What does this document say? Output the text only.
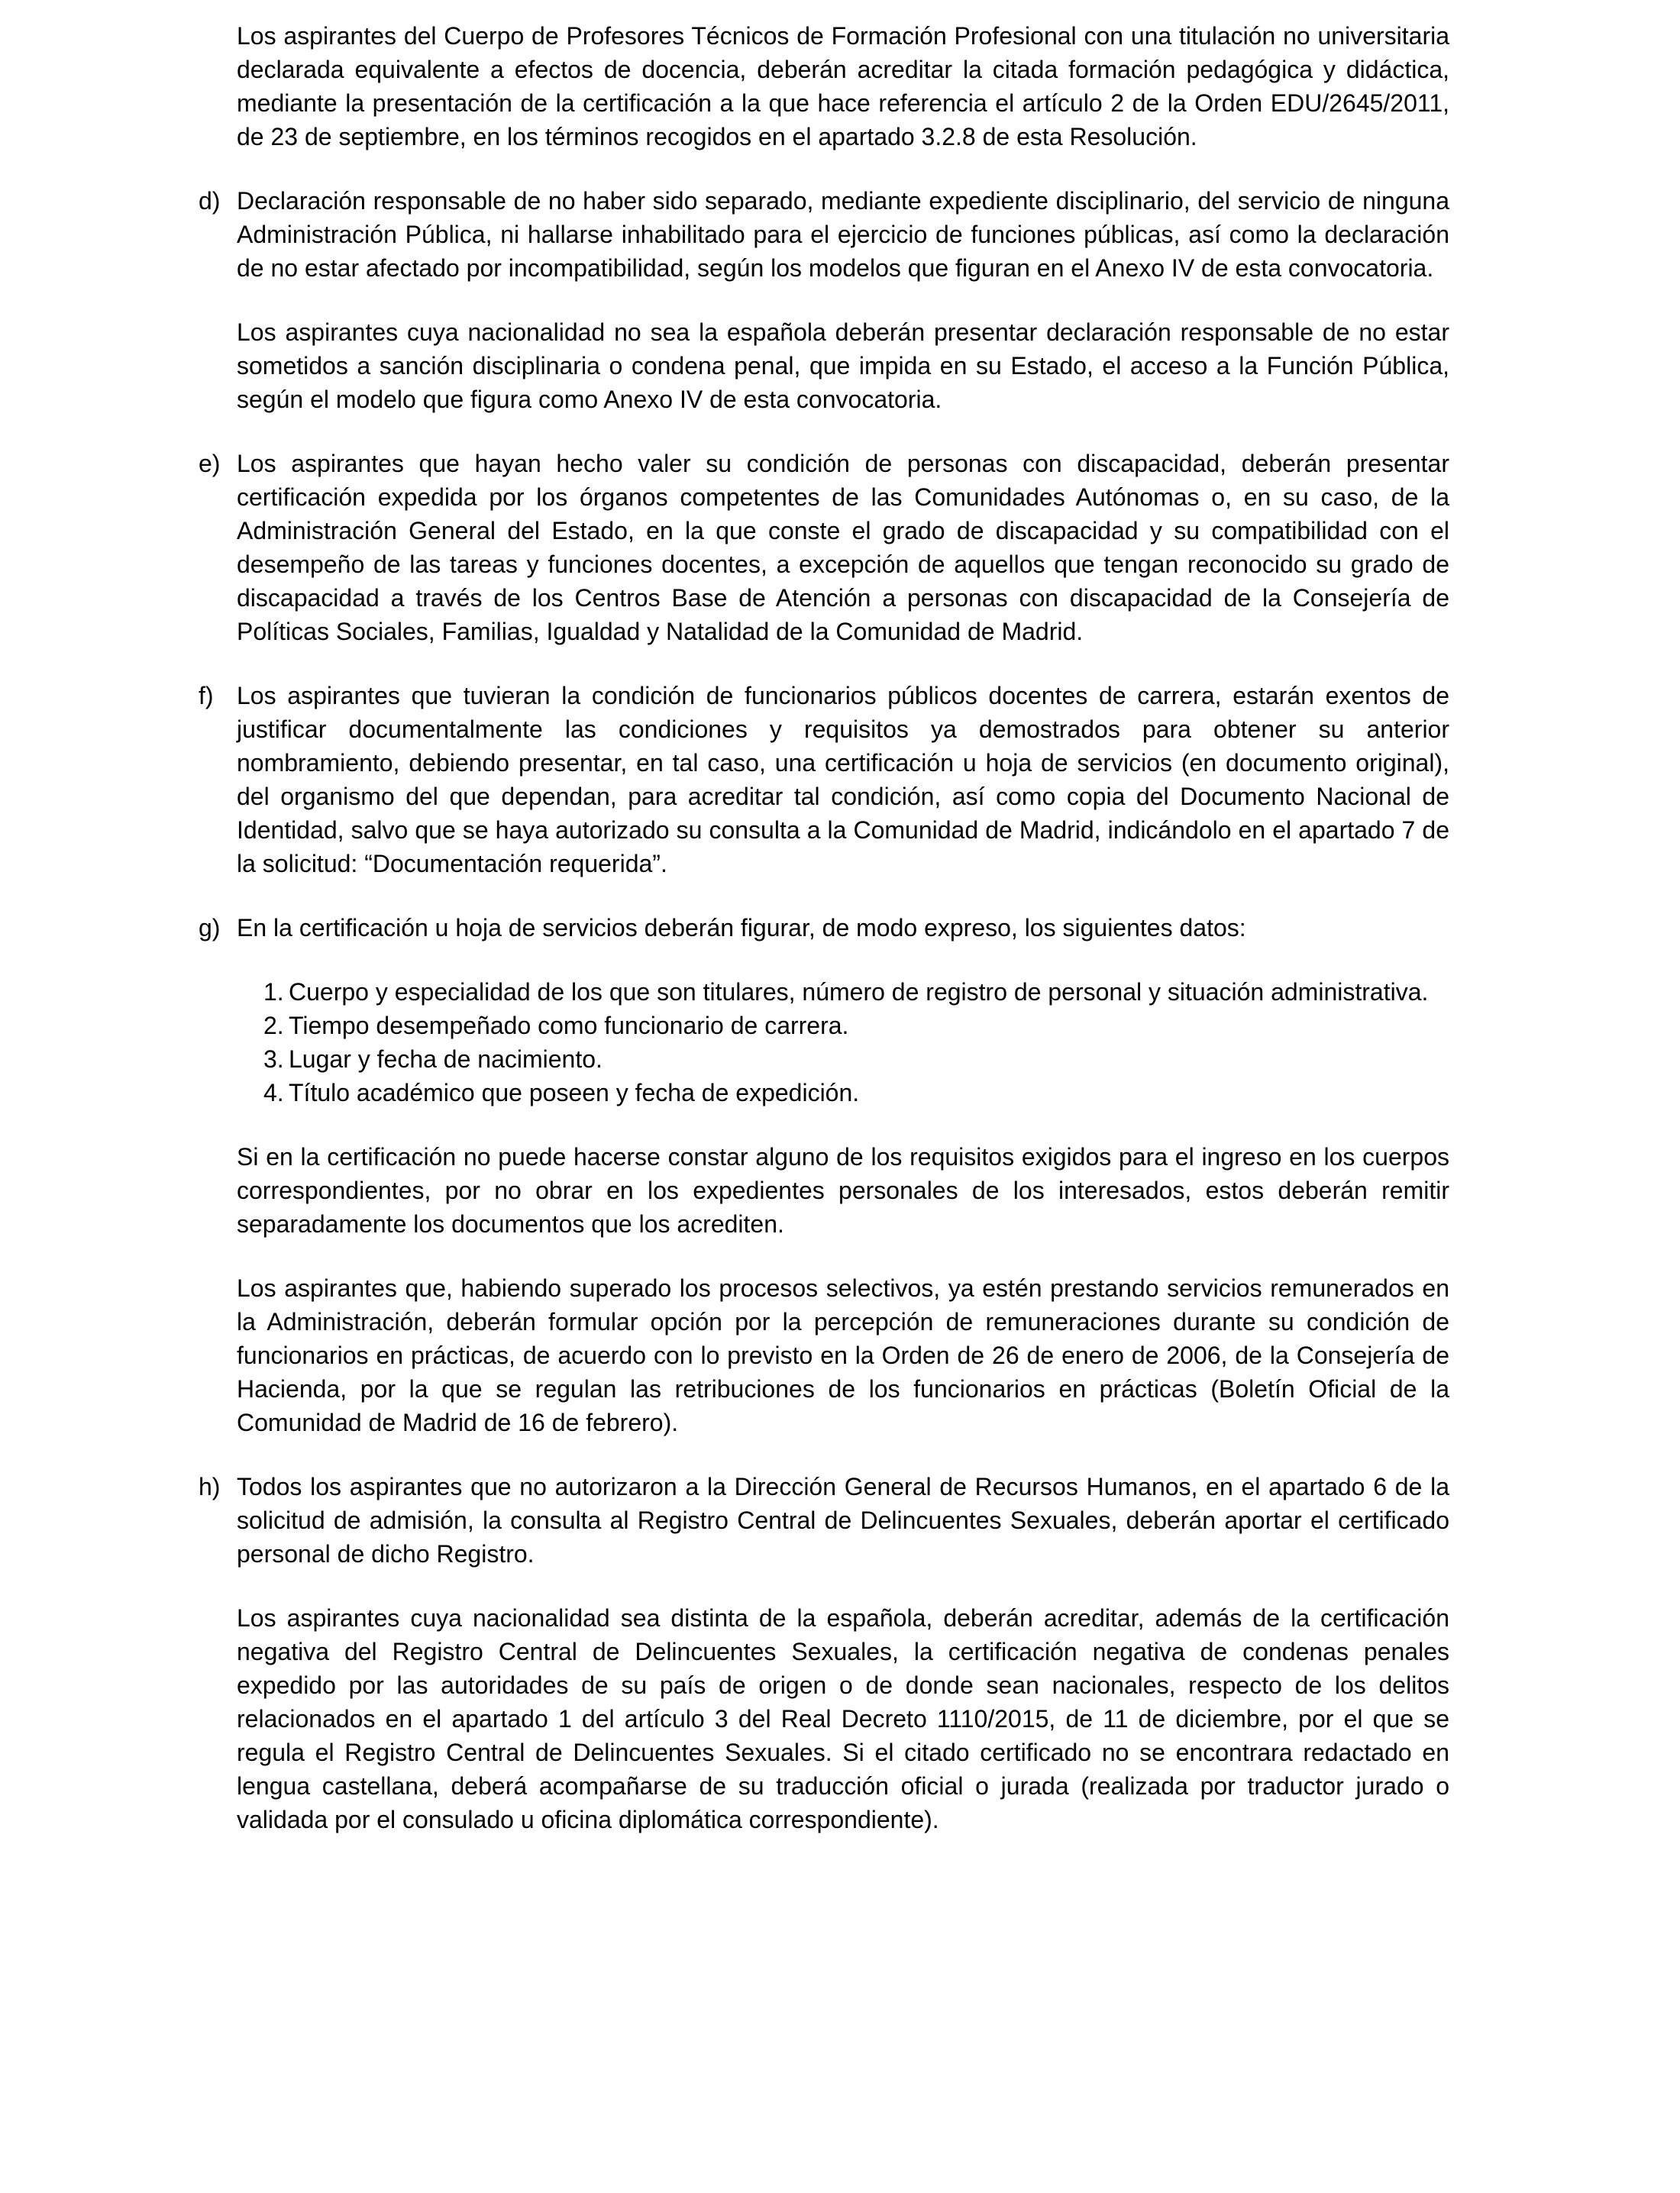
Los aspirantes del Cuerpo de Profesores Técnicos de Formación Profesional con una titulación no universitaria declarada equivalente a efectos de docencia, deberán acreditar la citada formación pedagógica y didáctica, mediante la presentación de la certificación a la que hace referencia el artículo 2 de la Orden EDU/2645/2011, de 23 de septiembre, en los términos recogidos en el apartado 3.2.8 de esta Resolución.
d) Declaración responsable de no haber sido separado, mediante expediente disciplinario, del servicio de ninguna Administración Pública, ni hallarse inhabilitado para el ejercicio de funciones públicas, así como la declaración de no estar afectado por incompatibilidad, según los modelos que figuran en el Anexo IV de esta convocatoria.
Los aspirantes cuya nacionalidad no sea la española deberán presentar declaración responsable de no estar sometidos a sanción disciplinaria o condena penal, que impida en su Estado, el acceso a la Función Pública, según el modelo que figura como Anexo IV de esta convocatoria.
e) Los aspirantes que hayan hecho valer su condición de personas con discapacidad, deberán presentar certificación expedida por los órganos competentes de las Comunidades Autónomas o, en su caso, de la Administración General del Estado, en la que conste el grado de discapacidad y su compatibilidad con el desempeño de las tareas y funciones docentes, a excepción de aquellos que tengan reconocido su grado de discapacidad a través de los Centros Base de Atención a personas con discapacidad de la Consejería de Políticas Sociales, Familias, Igualdad y Natalidad de la Comunidad de Madrid.
f) Los aspirantes que tuvieran la condición de funcionarios públicos docentes de carrera, estarán exentos de justificar documentalmente las condiciones y requisitos ya demostrados para obtener su anterior nombramiento, debiendo presentar, en tal caso, una certificación u hoja de servicios (en documento original), del organismo del que dependan, para acreditar tal condición, así como copia del Documento Nacional de Identidad, salvo que se haya autorizado su consulta a la Comunidad de Madrid, indicándolo en el apartado 7 de la solicitud: “Documentación requerida”.
g) En la certificación u hoja de servicios deberán figurar, de modo expreso, los siguientes datos:
1. Cuerpo y especialidad de los que son titulares, número de registro de personal y situación administrativa.
2. Tiempo desempeñado como funcionario de carrera.
3. Lugar y fecha de nacimiento.
4. Título académico que poseen y fecha de expedición.
Si en la certificación no puede hacerse constar alguno de los requisitos exigidos para el ingreso en los cuerpos correspondientes, por no obrar en los expedientes personales de los interesados, estos deberán remitir separadamente los documentos que los acrediten.
Los aspirantes que, habiendo superado los procesos selectivos, ya estén prestando servicios remunerados en la Administración, deberán formular opción por la percepción de remuneraciones durante su condición de funcionarios en prácticas, de acuerdo con lo previsto en la Orden de 26 de enero de 2006, de la Consejería de Hacienda, por la que se regulan las retribuciones de los funcionarios en prácticas (Boletín Oficial de la Comunidad de Madrid de 16 de febrero).
h) Todos los aspirantes que no autorizaron a la Dirección General de Recursos Humanos, en el apartado 6 de la solicitud de admisión, la consulta al Registro Central de Delincuentes Sexuales, deberán aportar el certificado personal de dicho Registro.
Los aspirantes cuya nacionalidad sea distinta de la española, deberán acreditar, además de la certificación negativa del Registro Central de Delincuentes Sexuales, la certificación negativa de condenas penales expedido por las autoridades de su país de origen o de donde sean nacionales, respecto de los delitos relacionados en el apartado 1 del artículo 3 del Real Decreto 1110/2015, de 11 de diciembre, por el que se regula el Registro Central de Delincuentes Sexuales. Si el citado certificado no se encontrara redactado en lengua castellana, deberá acompañarse de su traducción oficial o jurada (realizada por traductor jurado o validada por el consulado u oficina diplomática correspondiente).
